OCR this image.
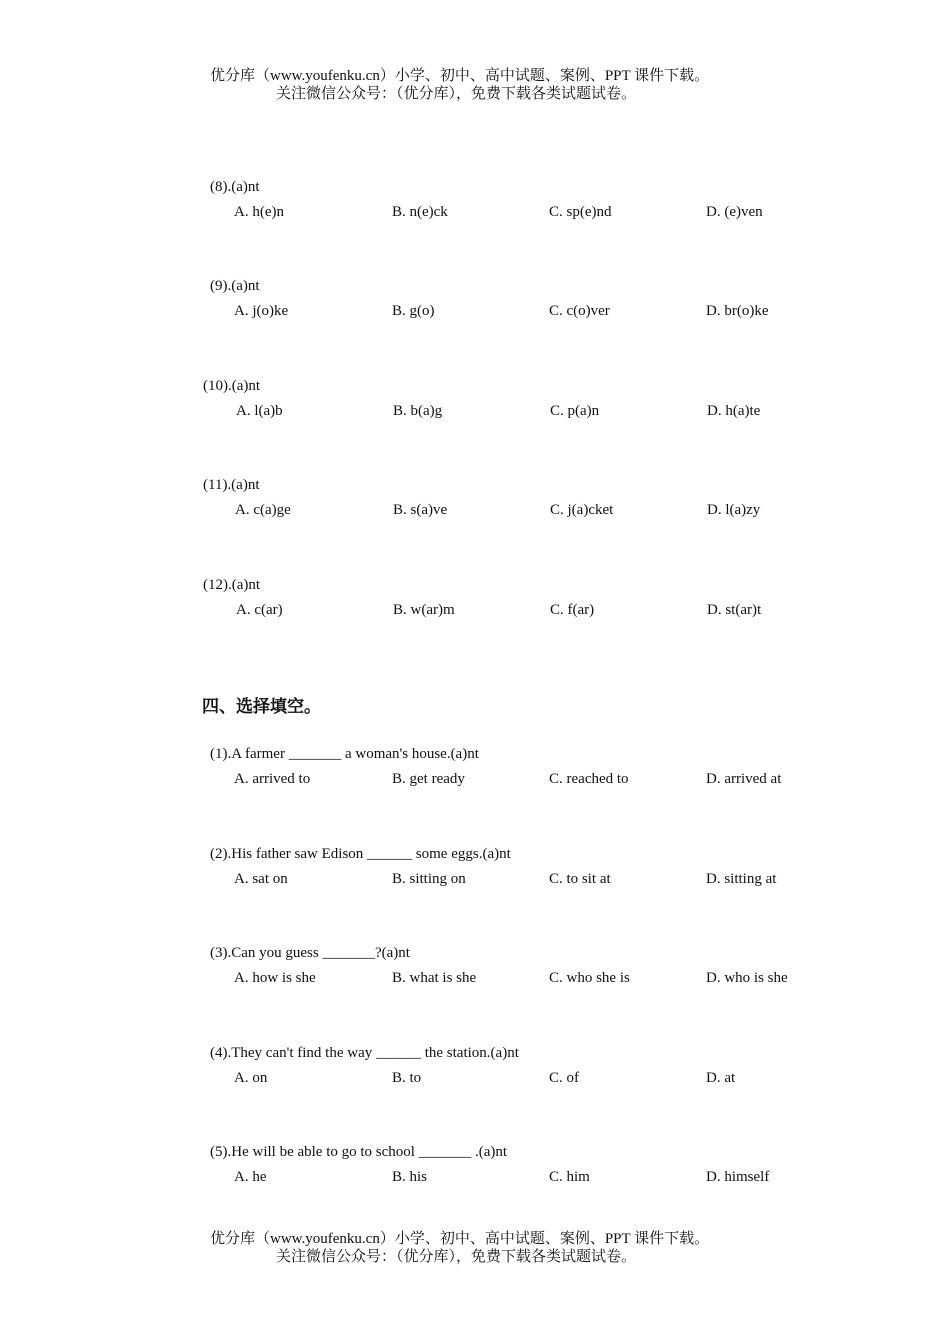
优分库（www.youfenku.cn）小学、初中、高中试题、案例、PPT 课件下载。
关注微信公众号：（优分库），免费下载各类试题试卷。
(8).(a)nt
A. h(e)n	B. n(e)ck	C. sp(e)nd	D. (e)ven
(9).(a)nt
A. j(o)ke	B. g(o)	C. c(o)ver	D. br(o)ke
(10).(a)nt
A. l(a)b	B. b(a)g	C. p(a)n	D. h(a)te
(11).(a)nt
A. c(a)ge	B. s(a)ve	C. j(a)cket	D. l(a)zy
(12).(a)nt
A. c(ar)	B. w(ar)m	C. f(ar)	D. st(ar)t
四、选择填空。
(1).A farmer _______ a woman's house.(a)nt
A. arrived to	B. get ready	C. reached to	D. arrived at
(2).His father saw Edison ______ some eggs.(a)nt
A. sat on	B. sitting on	C. to sit at	D. sitting at
(3).Can you guess _______?(a)nt
A. how is she	B. what is she	C. who she is	D. who is she
(4).They can't find the way ______ the station.(a)nt
A. on	B. to	C. of	D. at
(5).He will be able to go to school _______ .(a)nt
A. he	B. his	C. him	D. himself
优分库（www.youfenku.cn）小学、初中、高中试题、案例、PPT 课件下载。
关注微信公众号：（优分库），免费下载各类试题试卷。
